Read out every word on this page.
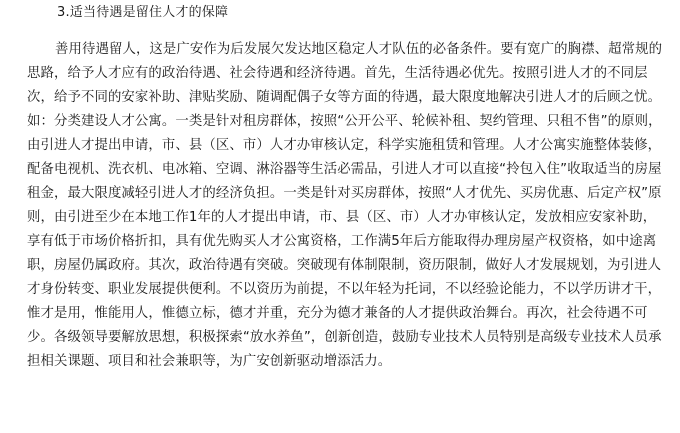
3.适当待遇是留住人才的保障
善用待遇留人，这是广安作为后发展欠发达地区稳定人才队伍的必备条件。要有宽广的胸襟、超常规的
思路，给予人才应有的政治待遇、社会待遇和经济待遇。首先，生活待遇必优先。按照引进人才的不同层
次，给予不同的安家补助、津贴奖励、随调配偶子女等方面的待遇，最大限度地解决引进人才的后顾之忧。
如：分类建设人才公寓。一类是针对租房群体，按照“公开公平、轮候补租、契约管理、只租不售”的原则，
由引进人才提出申请，市、县（区、市）人才办审核认定，科学实施租赁和管理。人才公寓实施整体装修，
配备电视机、洗衣机、电冰箱、空调、淋浴器等生活必需品，引进人才可以直接“拎包入住”收取适当的房屋
租金，最大限度减轻引进人才的经济负担。一类是针对买房群体，按照“人才优先、买房优惠、后定产权”原
则，由引进至少在本地工作1年的人才提出申请，市、县（区、市）人才办审核认定，发放相应安家补助，
享有低于市场价格折扣，具有优先购买人才公寓资格，工作满5年后方能取得办理房屋产权资格，如中途离
职，房屋仍属政府。其次，政治待遇有突破。突破现有体制限制，资历限制，做好人才发展规划，为引进人
才身份转变、职业发展提供便利。不以资历为前提，不以年轻为托词，不以经验论能力，不以学历讲才干，
惟才是用，惟能用人，惟德立标，德才并重，充分为德才兼备的人才提供政治舞台。再次，社会待遇不可
少。各级领导要解放思想，积极探索“放水养鱼”，创新创造，鼓励专业技术人员特别是高级专业技术人员承
担相关课题、项目和社会兼职等，为广安创新驱动增添活力。
